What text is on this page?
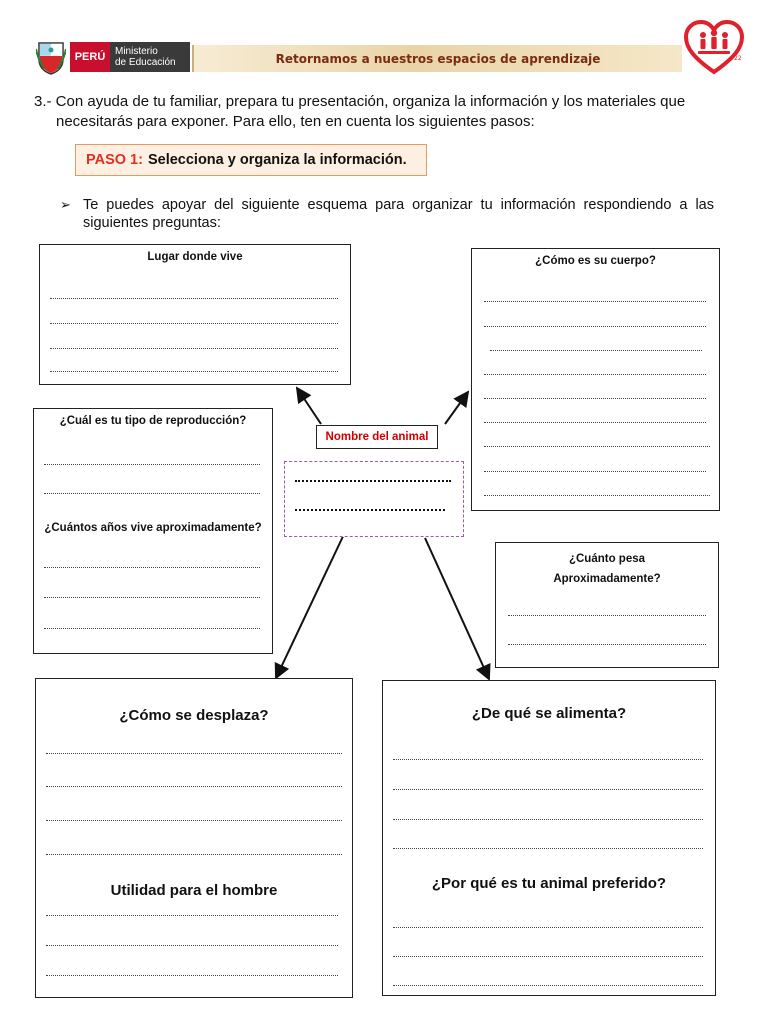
PERÚ Ministerio
de Educación	Retornamos a nuestros espacios de aprendizaje	22
3.- Con ayuda de tu familiar, prepara tu presentación, organiza la información y los materiales que
necesitarás para exponer. Para ello, ten en cuenta los siguientes pasos:
PASO 1: Selecciona y organiza la información.
➢ Te puedes apoyar del siguiente esquema para organizar tu información respondiendo a las siguientes preguntas:
Lugar donde vive	¿Cómo es su cuerpo?
¿Cuál es tu tipo de reproducción?
¿Cuántos años vive aproximadamente?
Nombre del animal
¿Cuánto pesa
Aproximadamente?
¿Cómo se desplaza?
Utilidad para el hombre
¿De qué se alimenta?
¿Por qué es tu animal preferido?
